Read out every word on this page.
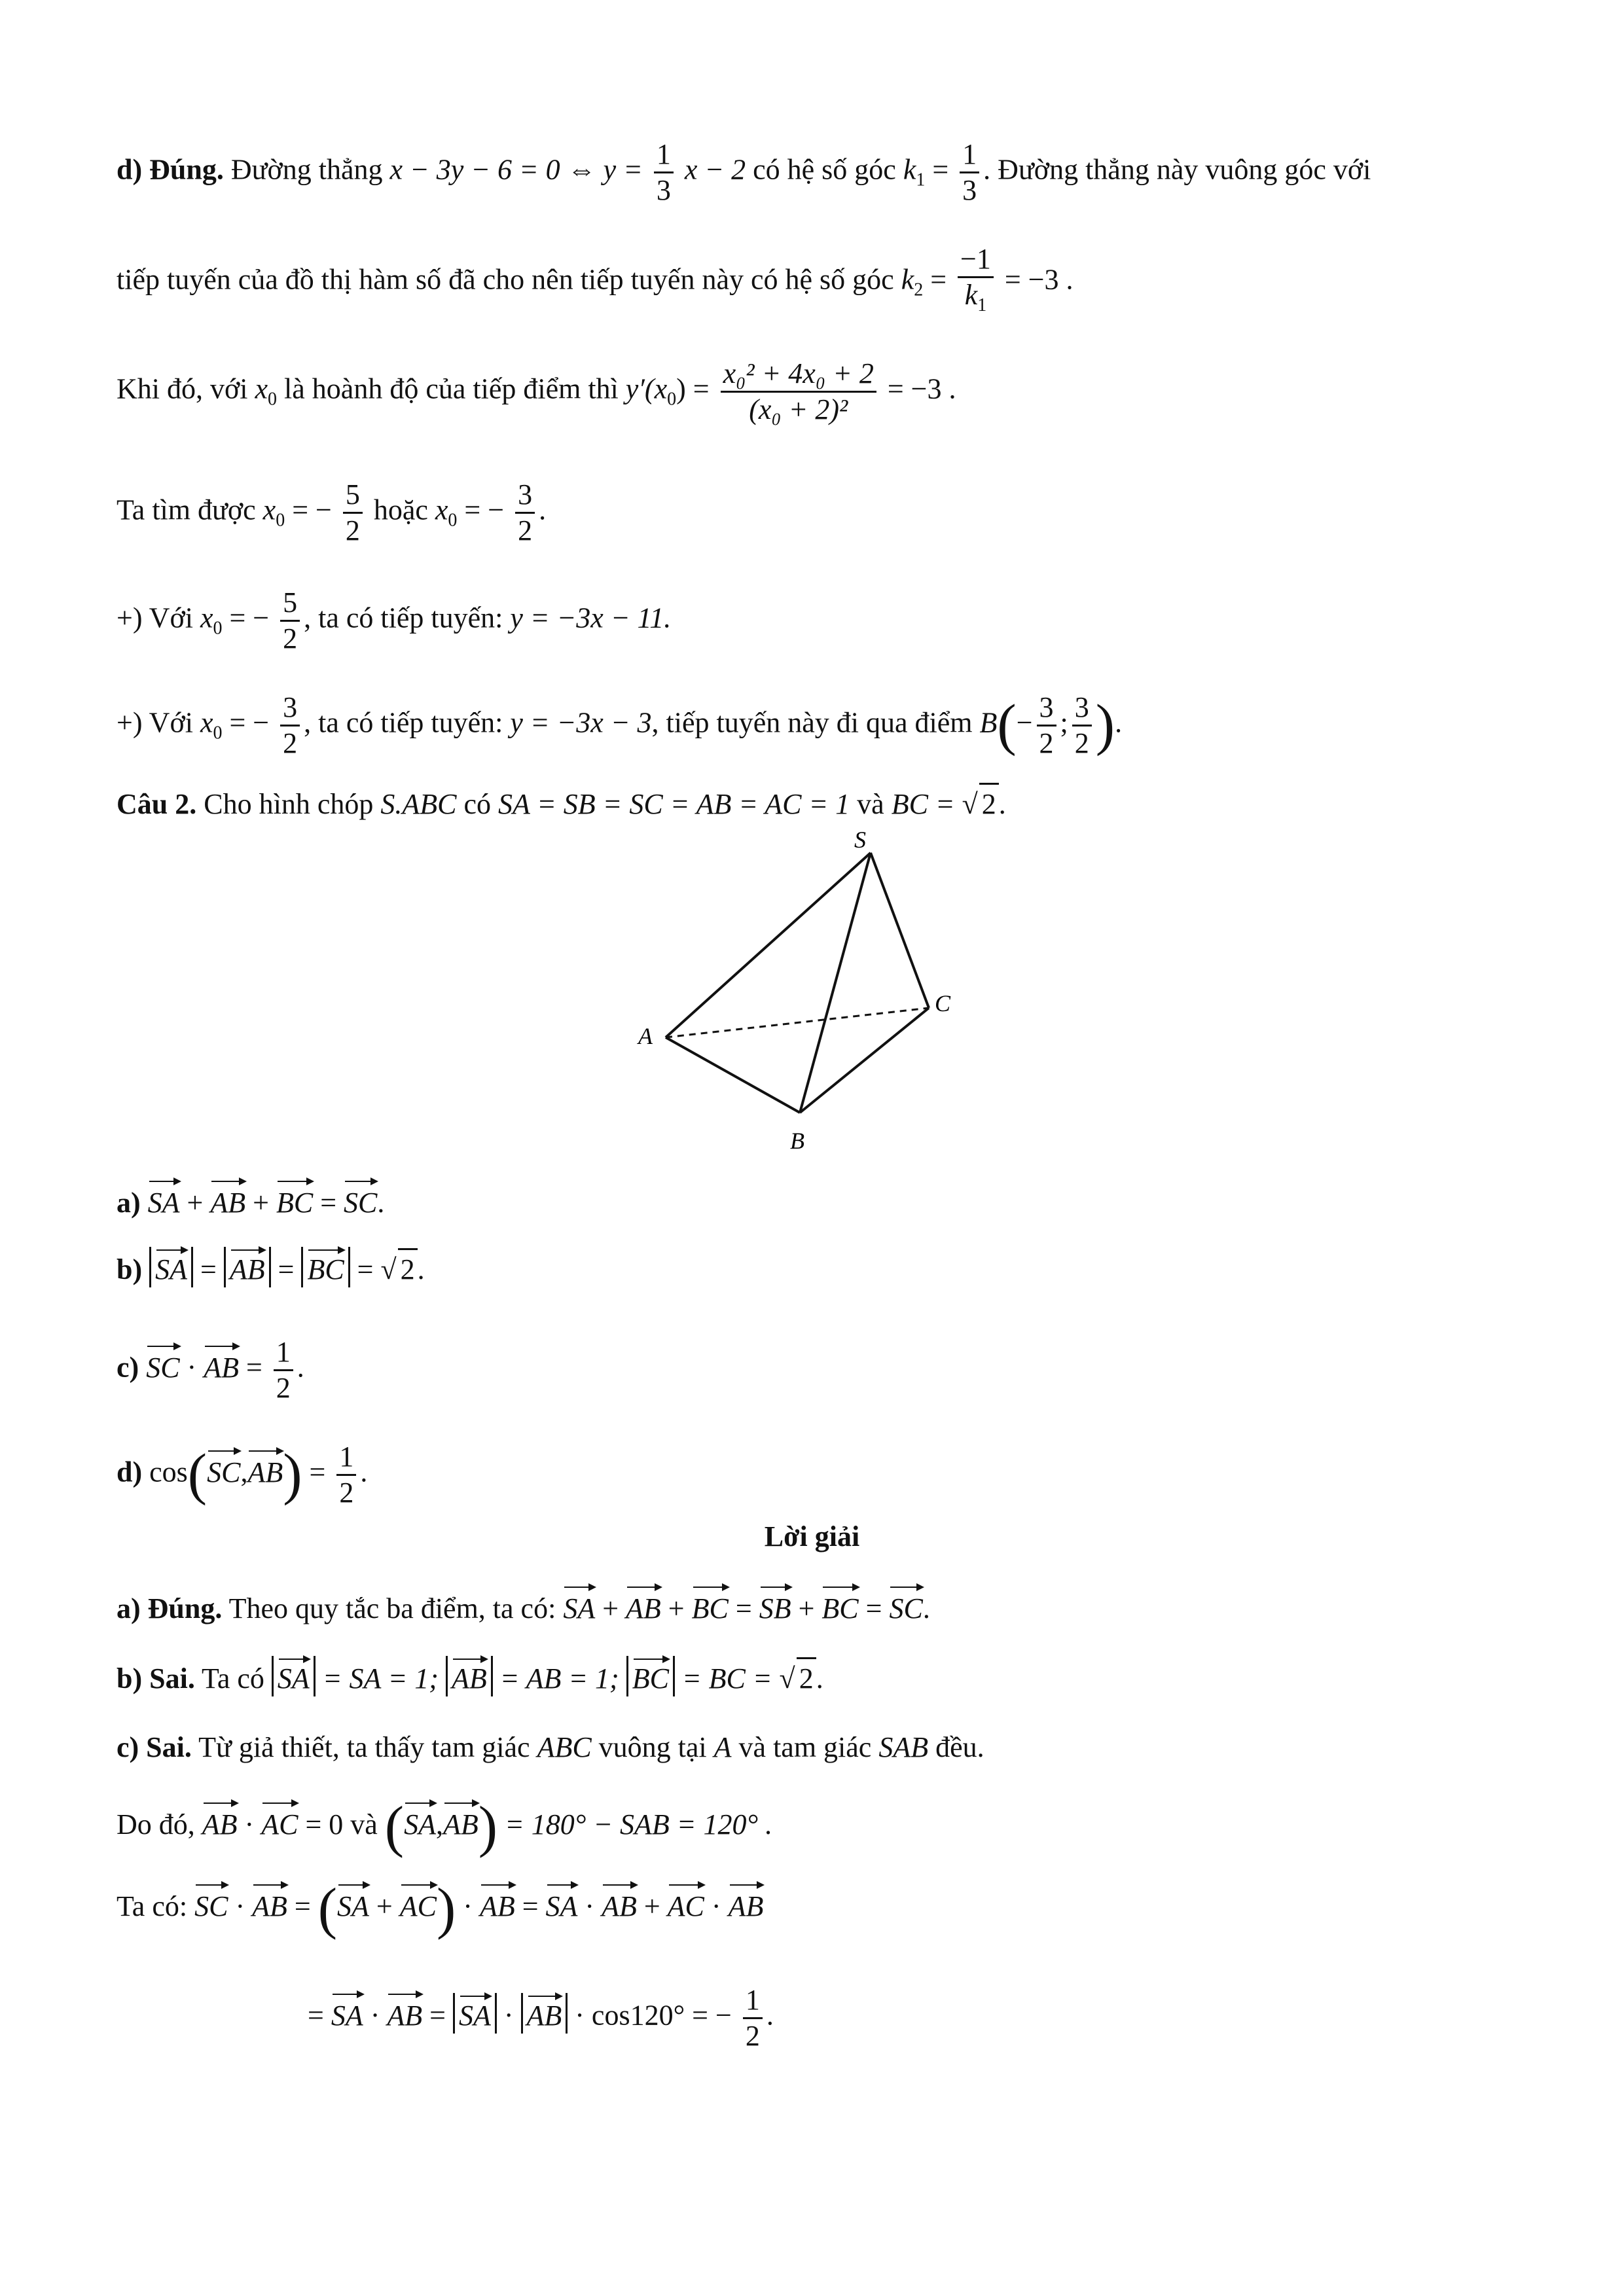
d) Đúng. Đường thẳng x − 3y − 6 = 0 ⇔ $y = \frac{1}{3}$ x − 2 có hệ số góc $k_1 = \frac{1}{3}$ . Đường thẳng này vuông góc với
tiếp tuyến của đồ thị hàm số đã cho nên tiếp tuyến này có hệ số góc $k_2 = \frac{-1}{k_1} = -3$ .
Khi đó, với $x_0$ là hoành độ của tiếp điểm thì $y'(x_0) = \frac{\text{x₀² + 4x₀ + 2}}{\text{(x₀ + 2)²}} = -3$ .
Ta tìm được $x_0$ = − $\frac{5}{2}$ hoặc $x_0$ = − $\frac{3}{2}$ .
+) Với $x_0$ = − $\frac{5}{2}$ , ta có tiếp tuyến: y = −3x − 11.
+) Với $x_0$ = − $\frac{3}{2}$ , ta có tiếp tuyến: y = −3x − 3, tiếp tuyến này đi qua điểm $B(- \frac{3}{2}$ ; $\frac{3}{2}$ ).
Câu 2. Cho hình chóp S.ABC có SA = SB = SC = AB = AC = 1 và BC = √ 2.
S
A
B
C
a) SA + AB + BC = SC.
b) SA = AB = BC = √ 2.
c) SC · AB = $\frac{1}{2}$ .
d) $\cos(SC,AB) = \frac{1}{2}$ .
Lời giải
a) Đúng. Theo quy tắc ba điểm, ta có: SA + AB + BC = SB + BC = SC.
b) Sai. Ta có SA = SA = 1; AB = AB = 1; BC = BC = √ 2.
c) Sai. Từ giả thiết, ta thấy tam giác ABC vuông tại A và tam giác SAB đều.
Do đó, AB · AC = 0 và (SA,AB) = 180° − SAB = 120° .
Ta có: SC · AB = (SA + AC) · AB = SA · AB + AC · AB
= SA · AB = SA · AB · cos120° = − $\frac{1}{2}$ .
